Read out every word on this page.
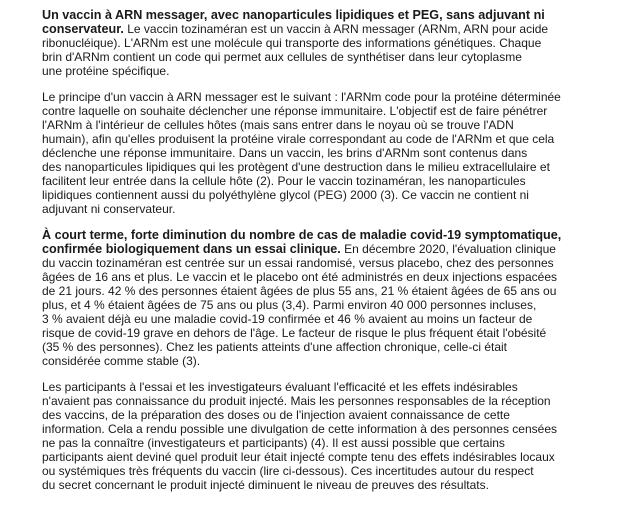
Un vaccin à ARN messager, avec nanoparticules lipidiques et PEG, sans adjuvant ni
conservateur. Le vaccin tozinaméran est un vaccin à ARN messager (ARNm, ARN pour acide
ribonucléique). L'ARNm est une molécule qui transporte des informations génétiques. Chaque
brin d'ARNm contient un code qui permet aux cellules de synthétiser dans leur cytoplasme
une protéine spécifique.

Le principe d'un vaccin à ARN messager est le suivant : l'ARNm code pour la protéine déterminée
contre laquelle on souhaite déclencher une réponse immunitaire. L'objectif est de faire pénétrer
l'ARNm à l'intérieur de cellules hôtes (mais sans entrer dans le noyau où se trouve l'ADN
humain), afin qu'elles produisent la protéine virale correspondant au code de l'ARNm et que cela
déclenche une réponse immunitaire. Dans un vaccin, les brins d'ARNm sont contenus dans
des nanoparticules lipidiques qui les protègent d'une destruction dans le milieu extracellulaire et
facilitent leur entrée dans la cellule hôte (2). Pour le vaccin tozinaméran, les nanoparticules
lipidiques contiennent aussi du polyéthylène glycol (PEG) 2000 (3). Ce vaccin ne contient ni
adjuvant ni conservateur.

À court terme, forte diminution du nombre de cas de maladie covid-19 symptomatique,
confirmée biologiquement dans un essai clinique. En décembre 2020, l'évaluation clinique
du vaccin tozinaméran est centrée sur un essai randomisé, versus placebo, chez des personnes
âgées de 16 ans et plus. Le vaccin et le placebo ont été administrés en deux injections espacées
de 21 jours. 42 % des personnes étaient âgées de plus 55 ans, 21 % étaient âgées de 65 ans ou
plus, et 4 % étaient âgées de 75 ans ou plus (3,4). Parmi environ 40 000 personnes incluses,
3 % avaient déjà eu une maladie covid-19 confirmée et 46 % avaient au moins un facteur de
risque de covid-19 grave en dehors de l'âge. Le facteur de risque le plus fréquent était l'obésité
(35 % des personnes). Chez les patients atteints d'une affection chronique, celle-ci était
considérée comme stable (3).

Les participants à l'essai et les investigateurs évaluant l'efficacité et les effets indésirables
n'avaient pas connaissance du produit injecté. Mais les personnes responsables de la réception
des vaccins, de la préparation des doses ou de l'injection avaient connaissance de cette
information. Cela a rendu possible une divulgation de cette information à des personnes censées
ne pas la connaître (investigateurs et participants) (4). Il est aussi possible que certains
participants aient deviné quel produit leur était injecté compte tenu des effets indésirables locaux
ou systémiques très fréquents du vaccin (lire ci-dessous). Ces incertitudes autour du respect
du secret concernant le produit injecté diminuent le niveau de preuves des résultats.
